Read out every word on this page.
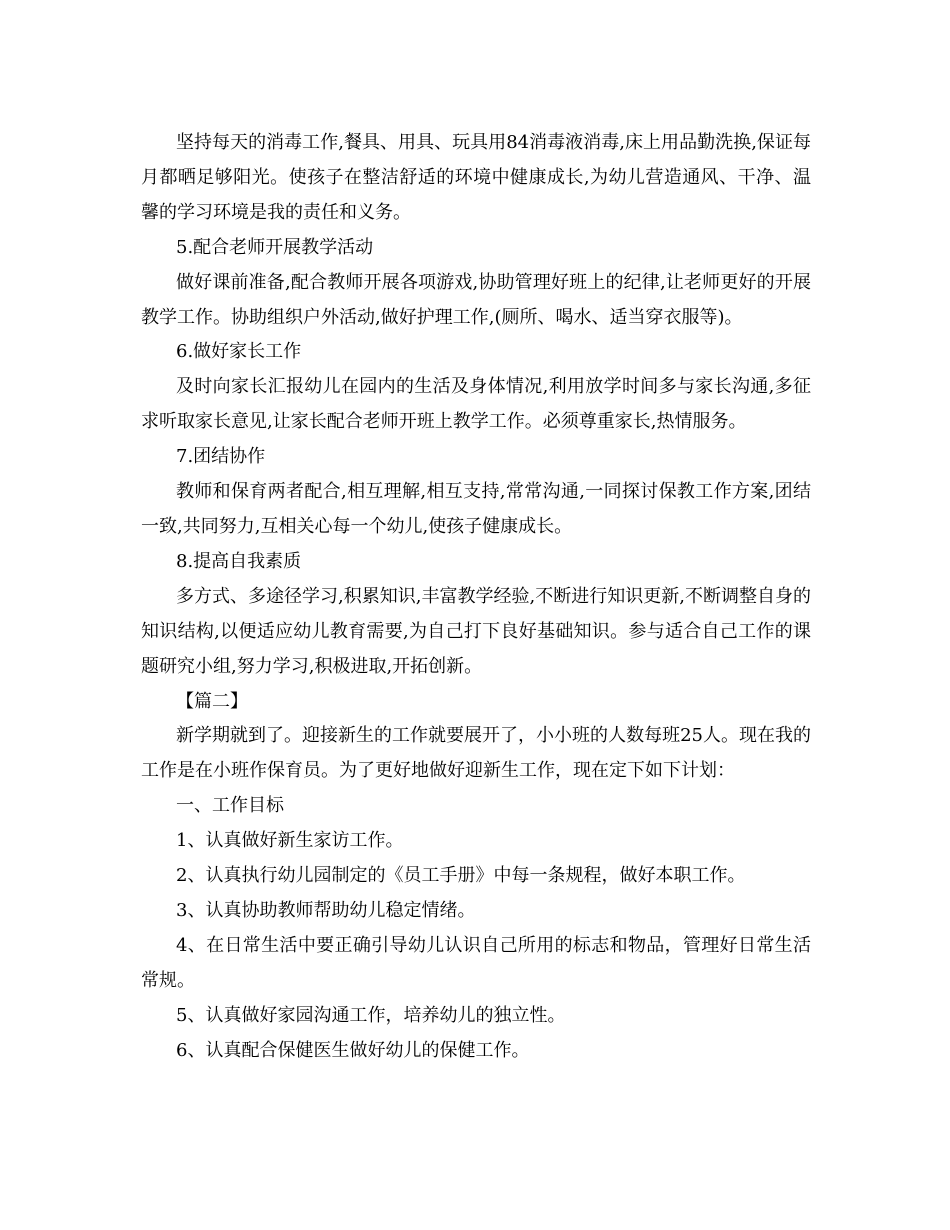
坚持每天的消毒工作,餐具、用具、玩具用84消毒液消毒,床上用品勤洗换,保证每月都晒足够阳光。使孩子在整洁舒适的环境中健康成长,为幼儿营造通风、干净、温馨的学习环境是我的责任和义务。

5.配合老师开展教学活动

做好课前准备,配合教师开展各项游戏,协助管理好班上的纪律,让老师更好的开展教学工作。协助组织户外活动,做好护理工作,(厕所、喝水、适当穿衣服等)。

6.做好家长工作

及时向家长汇报幼儿在园内的生活及身体情况,利用放学时间多与家长沟通,多征求听取家长意见,让家长配合老师开班上教学工作。必须尊重家长,热情服务。

7.团结协作

教师和保育两者配合,相互理解,相互支持,常常沟通,一同探讨保教工作方案,团结一致,共同努力,互相关心每一个幼儿,使孩子健康成长。

8.提高自我素质

多方式、多途径学习,积累知识,丰富教学经验,不断进行知识更新,不断调整自身的知识结构,以便适应幼儿教育需要,为自己打下良好基础知识。参与适合自己工作的课题研究小组,努力学习,积极进取,开拓创新。

【篇二】

新学期就到了。迎接新生的工作就要展开了，小小班的人数每班25人。现在我的工作是在小班作保育员。为了更好地做好迎新生工作，现在定下如下计划：

一、工作目标

1、认真做好新生家访工作。

2、认真执行幼儿园制定的《员工手册》中每一条规程，做好本职工作。

3、认真协助教师帮助幼儿稳定情绪。

4、在日常生活中要正确引导幼儿认识自己所用的标志和物品，管理好日常生活常规。

5、认真做好家园沟通工作，培养幼儿的独立性。

6、认真配合保健医生做好幼儿的保健工作。
